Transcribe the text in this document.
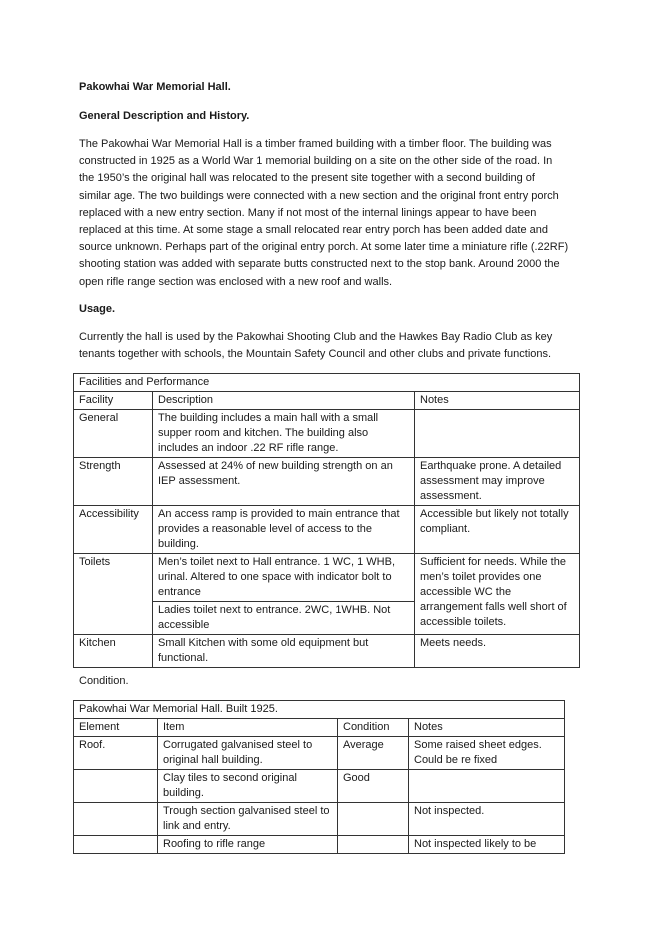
Pakowhai War Memorial Hall.
General Description and History.
The Pakowhai War Memorial Hall is a timber framed building with a timber floor. The building was constructed in 1925 as a World War 1 memorial building on a site on the other side of the road. In the 1950’s the original hall was relocated to the present site together with a second building of similar age. The two buildings were connected with a new section and the original front entry porch replaced with a new entry section. Many if not most of the internal linings appear to have been replaced at this time. At some stage a small relocated rear entry porch has been added date and source unknown. Perhaps part of the original entry porch. At some later time a miniature rifle (.22RF) shooting station was added with separate butts constructed next to the stop bank. Around 2000 the open rifle range section was enclosed with a new roof and walls.
Usage.
Currently the hall is used by the Pakowhai Shooting Club and the Hawkes Bay Radio Club as key tenants together with schools, the Mountain Safety Council and other clubs and private functions.
Facilities and Performance		
Facility	Description	Notes
General	The building includes a main hall with a small supper room and kitchen. The building also includes an indoor .22 RF rifle range.	
Strength	Assessed at 24% of new building strength on an IEP assessment.	Earthquake prone. A detailed assessment may improve assessment.
Accessibility	An access ramp is provided to main entrance that provides a reasonable level of access to the building.	Accessible but likely not totally compliant.
Toilets	Men’s toilet next to Hall entrance. 1 WC, 1 WHB, urinal. Altered to one space with indicator bolt to entrance	Sufficient for needs. While the men’s toilet provides one accessible WC the arrangement falls well short of accessible toilets.
	Ladies toilet next to entrance. 2WC, 1WHB. Not accessible	
Kitchen	Small Kitchen with some old equipment but functional.	Meets needs.
Condition.
Pakowhai War Memorial Hall. Built 1925.			
Element	Item	Condition	Notes
Roof.	Corrugated galvanised steel to original hall building.	Average	Some raised sheet edges. Could be re fixed
	Clay tiles to second original building.	Good	
	Trough section galvanised steel to link and entry.		Not inspected.
	Roofing to rifle range		Not inspected likely to be
